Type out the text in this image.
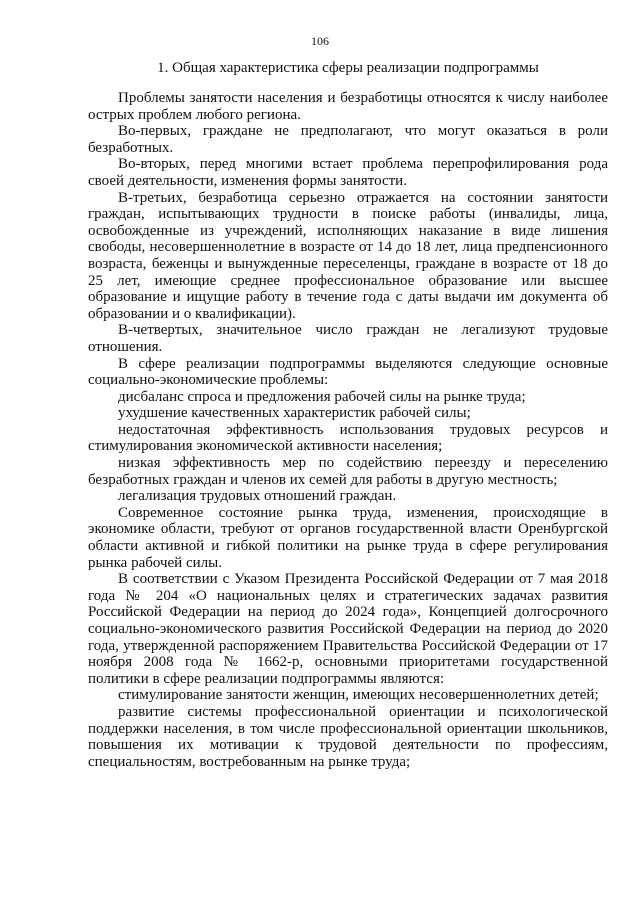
106
1. Общая характеристика сферы реализации подпрограммы

Проблемы занятости населения и безработицы относятся к числу наиболее острых проблем любого региона.

Во-первых, граждане не предполагают, что могут оказаться в роли безработных.

Во-вторых, перед многими встает проблема перепрофилирования рода своей деятельности, изменения формы занятости.

В-третьих, безработица серьезно отражается на состоянии занятости граждан, испытывающих трудности в поиске работы (инвалиды, лица, освобожденные из учреждений, исполняющих наказание в виде лишения свободы, несовершеннолетние в возрасте от 14 до 18 лет, лица предпенсионного возраста, беженцы и вынужденные переселенцы, граждане в возрасте от 18 до 25 лет, имеющие среднее профессиональное образование или высшее образование и ищущие работу в течение года с даты выдачи им документа об образовании и о квалификации).

В-четвертых, значительное число граждан не легализуют трудовые отношения.

В сфере реализации подпрограммы выделяются следующие основные социально-экономические проблемы:

дисбаланс спроса и предложения рабочей силы на рынке труда;

ухудшение качественных характеристик рабочей силы;

недостаточная эффективность использования трудовых ресурсов и стимулирования экономической активности населения;

низкая эффективность мер по содействию переезду и переселению безработных граждан и членов их семей для работы в другую местность;

легализация трудовых отношений граждан.

Современное состояние рынка труда, изменения, происходящие в экономике области, требуют от органов государственной власти Оренбургской области активной и гибкой политики на рынке труда в сфере регулирования рынка рабочей силы.

В соответствии с Указом Президента Российской Федерации от 7 мая 2018 года № 204 «О национальных целях и стратегических задачах развития Российской Федерации на период до 2024 года», Концепцией долгосрочного социально-экономического развития Российской Федерации на период до 2020 года, утвержденной распоряжением Правительства Российской Федерации от 17 ноября 2008 года № 1662-р, основными приоритетами государственной политики в сфере реализации подпрограммы являются:

стимулирование занятости женщин, имеющих несовершеннолетних детей;

развитие системы профессиональной ориентации и психологической поддержки населения, в том числе профессиональной ориентации школьников, повышения их мотивации к трудовой деятельности по профессиям, специальностям, востребованным на рынке труда;
